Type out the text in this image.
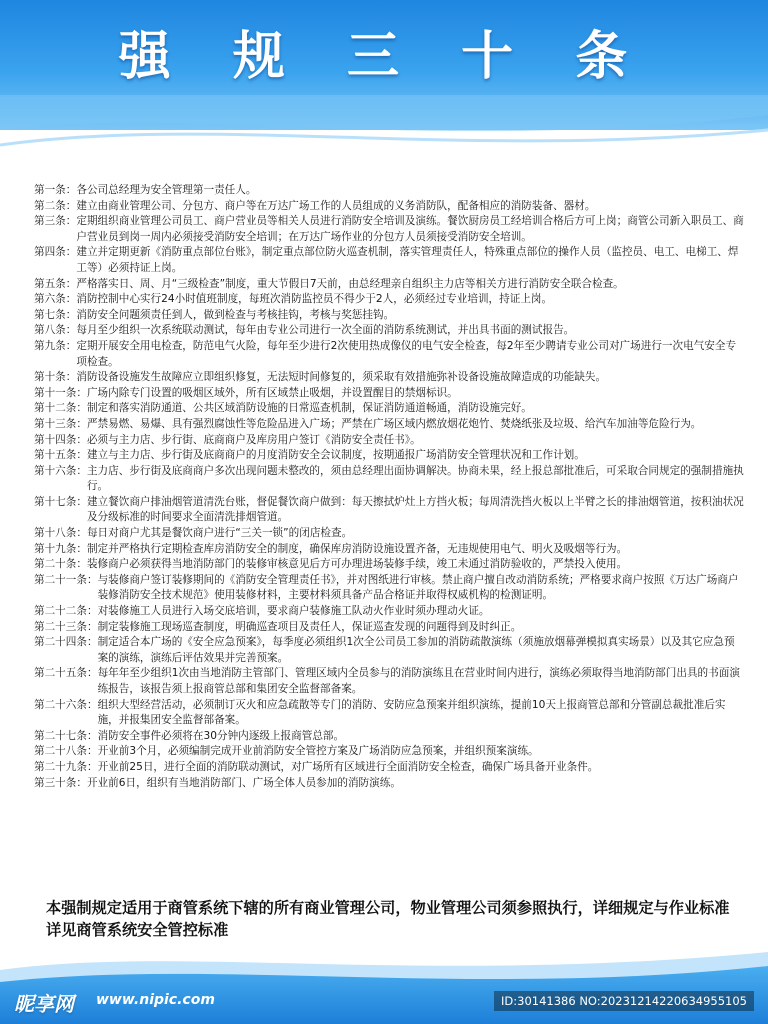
强 规 三 十 条
第一条： 各公司总经理为安全管理第一责任人。
第二条： 建立由商业管理公司、分包方、商户等在万达广场工作的人员组成的义务消防队，配备相应的消防装备、器材。
第三条： 定期组织商业管理公司员工、商户营业员等相关人员进行消防安全培训及演练。餐饮厨房员工经培训合格后方可上岗；商管公司新入职员工、商户营业员到岗一周内必须接受消防安全培训；在万达广场作业的分包方人员须接受消防安全培训。
第四条： 建立并定期更新《消防重点部位台账》，制定重点部位防火巡查机制，落实管理责任人，特殊重点部位的操作人员（监控员、电工、电梯工、焊工等）必须持证上岗。
第五条： 严格落实日、周、月“三级检查”制度，重大节假日7天前，由总经理亲自组织主力店等相关方进行消防安全联合检查。
第六条： 消防控制中心实行24小时值班制度，每班次消防监控员不得少于2人，必须经过专业培训，持证上岗。
第七条： 消防安全问题须责任到人，做到检查与考核挂钩，考核与奖惩挂钩。
第八条： 每月至少组织一次系统联动测试，每年由专业公司进行一次全面的消防系统测试，并出具书面的测试报告。
第九条： 定期开展安全用电检查，防范电气火险，每年至少进行2次使用热成像仪的电气安全检查，每2年至少聘请专业公司对广场进行一次电气安全专项检查。
第十条： 消防设备设施发生故障应立即组织修复，无法短时间修复的，须采取有效措施弥补设备设施故障造成的功能缺失。
第十一条： 广场内除专门设置的吸烟区域外，所有区域禁止吸烟，并设置醒目的禁烟标识。
第十二条： 制定和落实消防通道、公共区域消防设施的日常巡查机制，保证消防通道畅通，消防设施完好。
第十三条： 严禁易燃、易爆、具有强烈腐蚀性等危险品进入广场；严禁在广场区域内燃放烟花炮竹、焚烧纸张及垃圾、给汽车加油等危险行为。
第十四条： 必须与主力店、步行街、底商商户及库房用户签订《消防安全责任书》。
第十五条： 建立与主力店、步行街及底商商户的月度消防安全会议制度，按期通报广场消防安全管理状况和工作计划。
第十六条： 主力店、步行街及底商商户多次出现问题未整改的，须由总经理出面协调解决。协商未果，经上报总部批准后，可采取合同规定的强制措施执行。
第十七条： 建立餐饮商户排油烟管道清洗台账，督促餐饮商户做到：每天擦拭炉灶上方挡火板；每周清洗挡火板以上半臂之长的排油烟管道，按积油状况及分级标准的时间要求全面清洗排烟管道。
第十八条： 每日对商户尤其是餐饮商户进行“三关一锁”的闭店检查。
第十九条： 制定并严格执行定期检查库房消防安全的制度，确保库房消防设施设置齐备，无违规使用电气、明火及吸烟等行为。
第二十条： 装修商户必须获得当地消防部门的装修审核意见后方可办理进场装修手续，竣工未通过消防验收的，严禁投入使用。
第二十一条： 与装修商户签订装修期间的《消防安全管理责任书》，并对图纸进行审核。禁止商户擅自改动消防系统；严格要求商户按照《万达广场商户装修消防安全技术规范》使用装修材料，主要材料须具备产品合格证并取得权威机构的检测证明。
第二十二条： 对装修施工人员进行入场交底培训，要求商户装修施工队动火作业时须办理动火证。
第二十三条： 制定装修施工现场巡查制度，明确巡查项目及责任人，保证巡查发现的问题得到及时纠正。
第二十四条： 制定适合本广场的《安全应急预案》，每季度必须组织1次全公司员工参加的消防疏散演练（须施放烟幕弹模拟真实场景）以及其它应急预案的演练，演练后评估效果并完善预案。
第二十五条： 每年年至少组织1次由当地消防主管部门、管理区域内全员参与的消防演练且在营业时间内进行，演练必须取得当地消防部门出具的书面演练报告，该报告须上报商管总部和集团安全监督部备案。
第二十六条： 组织大型经营活动，必须制订灭火和应急疏散等专门的消防、安防应急预案并组织演练，提前10天上报商管总部和分管副总裁批准后实施，并报集团安全监督部备案。
第二十七条： 消防安全事件必须将在30分钟内逐级上报商管总部。
第二十八条： 开业前3个月，必须编制完成开业前消防安全管控方案及广场消防应急预案，并组织预案演练。
第二十九条： 开业前25日，进行全面的消防联动测试，对广场所有区域进行全面消防安全检查，确保广场具备开业条件。
第三十条： 开业前6日，组织有当地消防部门、广场全体人员参加的消防演练。
本强制规定适用于商管系统下辖的所有商业管理公司，物业管理公司须参照执行，详细规定与作业标准详见商管系统安全管控标准
昵享网 www.nipic.com	ID:30141386 NO:20231214220634955105
